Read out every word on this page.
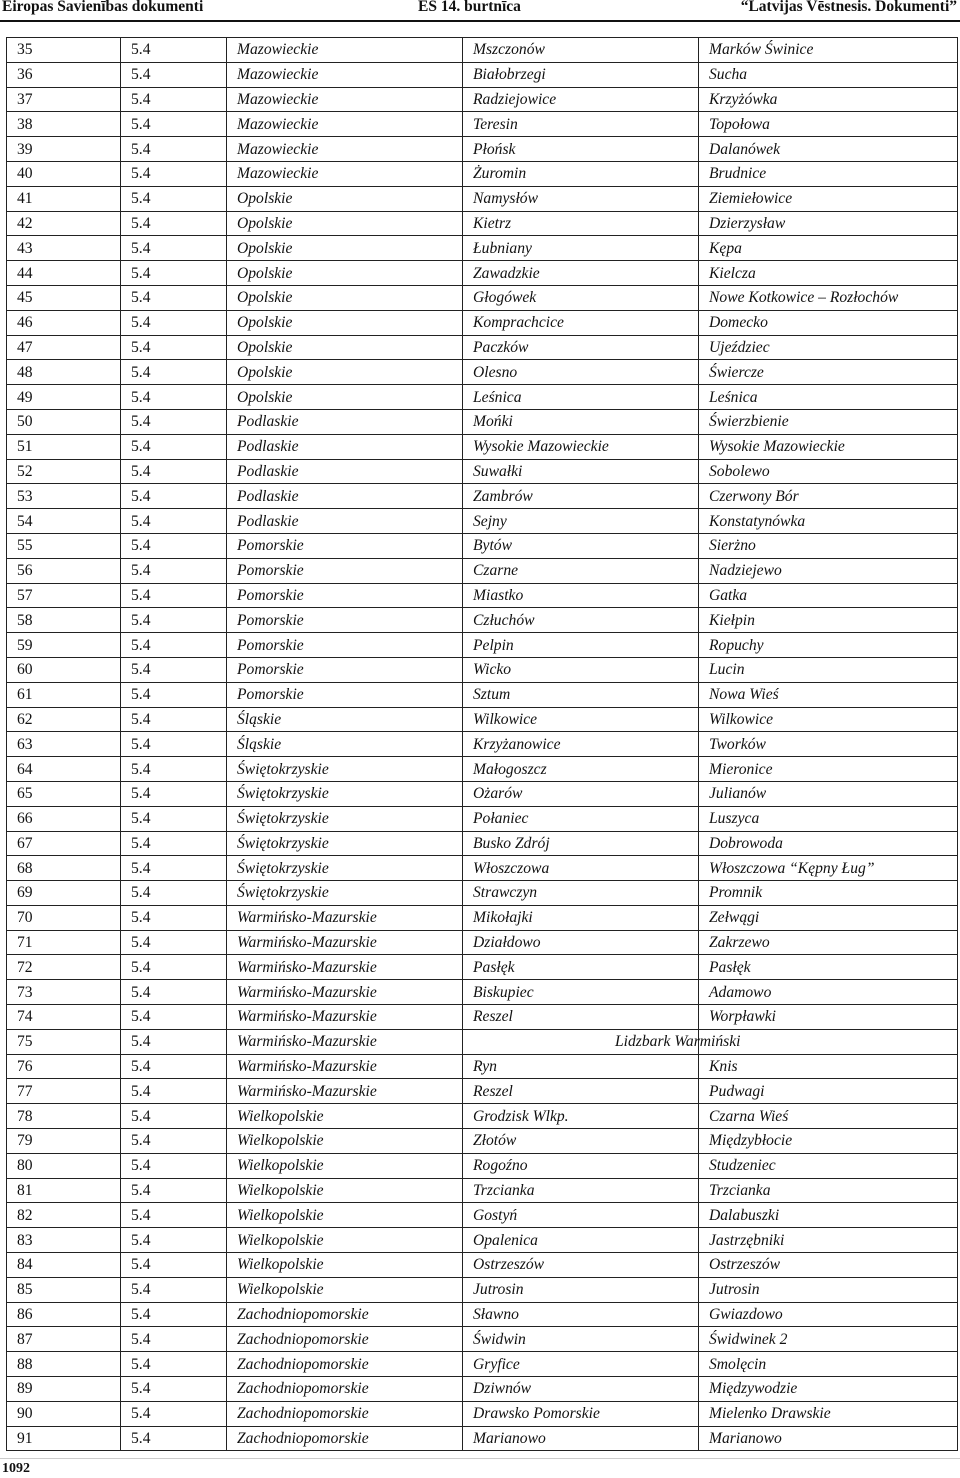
Eiropas Savienības dokumenti	ES 14. burtnīca	“Latvijas Vēstnesis. Dokumenti”
35	5.4	Mazowieckie	Mszczonów	Marków Świnice
36	5.4	Mazowieckie	Białobrzegi	Sucha
37	5.4	Mazowieckie	Radziejowice	Krzyżówka
38	5.4	Mazowieckie	Teresin	Topołowa
39	5.4	Mazowieckie	Płońsk	Dalanówek
40	5.4	Mazowieckie	Żuromin	Brudnice
41	5.4	Opolskie	Namysłów	Ziemiełowice
42	5.4	Opolskie	Kietrz	Dzierzysław
43	5.4	Opolskie	Łubniany	Kępa
44	5.4	Opolskie	Zawadzkie	Kielcza
45	5.4	Opolskie	Głogówek	Nowe Kotkowice – Rozłochów
46	5.4	Opolskie	Komprachcice	Domecko
47	5.4	Opolskie	Paczków	Ujeździec
48	5.4	Opolskie	Olesno	Świercze
49	5.4	Opolskie	Leśnica	Leśnica
50	5.4	Podlaskie	Mońki	Świerzbienie
51	5.4	Podlaskie	Wysokie Mazowieckie	Wysokie Mazowieckie
52	5.4	Podlaskie	Suwałki	Sobolewo
53	5.4	Podlaskie	Zambrów	Czerwony Bór
54	5.4	Podlaskie	Sejny	Konstatynówka
55	5.4	Pomorskie	Bytów	Sierżno
56	5.4	Pomorskie	Czarne	Nadziejewo
57	5.4	Pomorskie	Miastko	Gatka
58	5.4	Pomorskie	Człuchów	Kiełpin
59	5.4	Pomorskie	Pelpin	Ropuchy
60	5.4	Pomorskie	Wicko	Lucin
61	5.4	Pomorskie	Sztum	Nowa Wieś
62	5.4	Śląskie	Wilkowice	Wilkowice
63	5.4	Śląskie	Krzyżanowice	Tworków
64	5.4	Świętokrzyskie	Małogoszcz	Mieronice
65	5.4	Świętokrzyskie	Ożarów	Julianów
66	5.4	Świętokrzyskie	Połaniec	Luszyca
67	5.4	Świętokrzyskie	Busko Zdrój	Dobrowoda
68	5.4	Świętokrzyskie	Włoszczowa	Włoszczowa “Kępny Ług”
69	5.4	Świętokrzyskie	Strawczyn	Promnik
70	5.4	Warmińsko-Mazurskie	Mikołajki	Zełwągi
71	5.4	Warmińsko-Mazurskie	Działdowo	Zakrzewo
72	5.4	Warmińsko-Mazurskie	Pasłęk	Pasłęk
73	5.4	Warmińsko-Mazurskie	Biskupiec	Adamowo
74	5.4	Warmińsko-Mazurskie	Reszel	Worpławki
75	5.4	Warmińsko-Mazurskie		Lidzbark Warmiński
76	5.4	Warmińsko-Mazurskie	Ryn	Knis
77	5.4	Warmińsko-Mazurskie	Reszel	Pudwagi
78	5.4	Wielkopolskie	Grodzisk Wlkp.	Czarna Wieś
79	5.4	Wielkopolskie	Złotów	Międzybłocie
80	5.4	Wielkopolskie	Rogoźno	Studzeniec
81	5.4	Wielkopolskie	Trzcianka	Trzcianka
82	5.4	Wielkopolskie	Gostyń	Dalabuszki
83	5.4	Wielkopolskie	Opalenica	Jastrzębniki
84	5.4	Wielkopolskie	Ostrzeszów	Ostrzeszów
85	5.4	Wielkopolskie	Jutrosin	Jutrosin
86	5.4	Zachodniopomorskie	Sławno	Gwiazdowo
87	5.4	Zachodniopomorskie	Świdwin	Świdwinek 2
88	5.4	Zachodniopomorskie	Gryfice	Smolęcin
89	5.4	Zachodniopomorskie	Dziwnów	Międzywodzie
90	5.4	Zachodniopomorskie	Drawsko Pomorskie	Mielenko Drawskie
91	5.4	Zachodniopomorskie	Marianowo	Marianowo
1092
